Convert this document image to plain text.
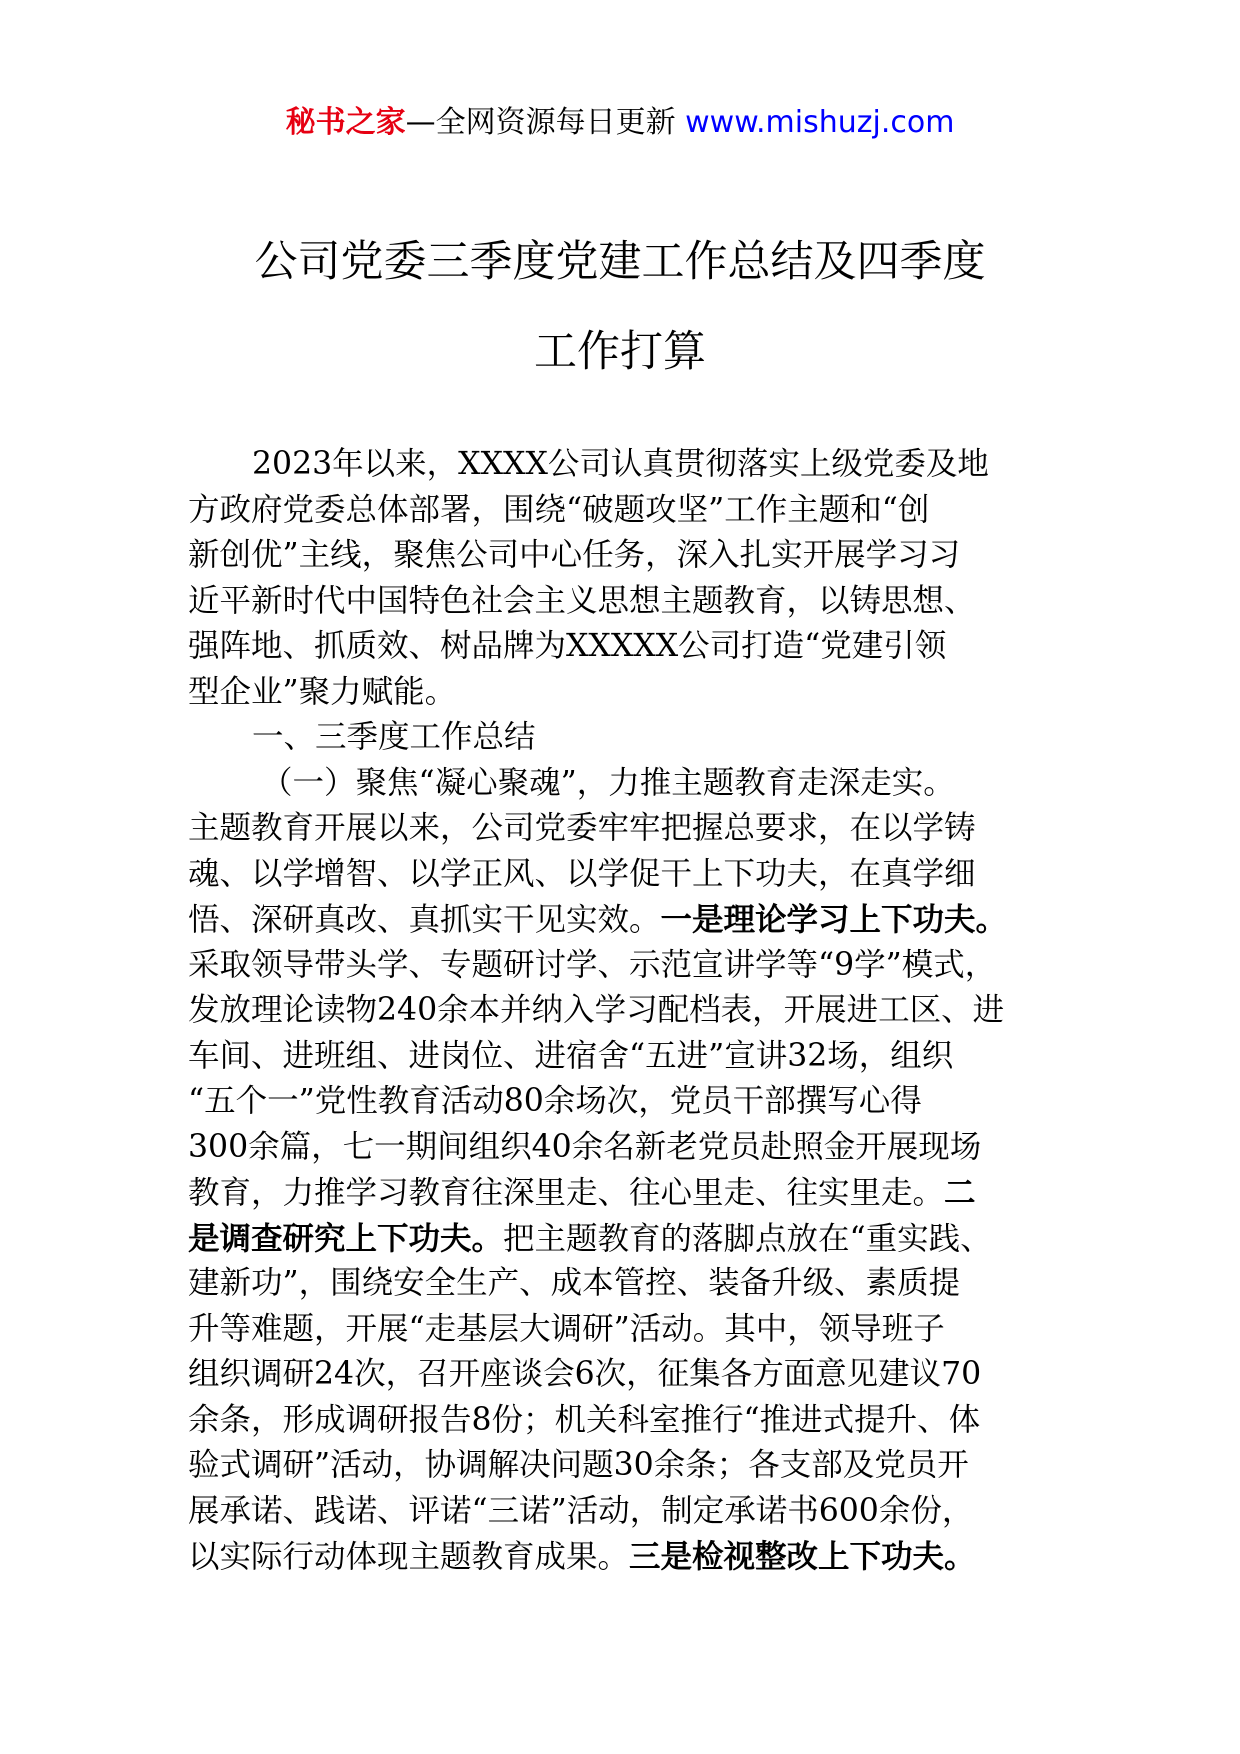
秘书之家—全网资源每日更新 www.mishuzj.com
公司党委三季度党建工作总结及四季度
工作打算
2023年以来，XXXX公司认真贯彻落实上级党委及地
方政府党委总体部署，围绕“破题攻坚”工作主题和“创
新创优”主线，聚焦公司中心任务，深入扎实开展学习习
近平新时代中国特色社会主义思想主题教育，以铸思想、
强阵地、抓质效、树品牌为XXXXX公司打造“党建引领
型企业”聚力赋能。
一、三季度工作总结
（一）聚焦“凝心聚魂”，力推主题教育走深走实。
主题教育开展以来，公司党委牢牢把握总要求，在以学铸
魂、以学增智、以学正风、以学促干上下功夫，在真学细
悟、深研真改、真抓实干见实效。一是理论学习上下功夫。
采取领导带头学、专题研讨学、示范宣讲学等“9学”模式，
发放理论读物240余本并纳入学习配档表，开展进工区、进
车间、进班组、进岗位、进宿舍“五进”宣讲32场，组织
“五个一”党性教育活动80余场次，党员干部撰写心得
300余篇，七一期间组织40余名新老党员赴照金开展现场
教育，力推学习教育往深里走、往心里走、往实里走。二
是调查研究上下功夫。把主题教育的落脚点放在“重实践、
建新功”，围绕安全生产、成本管控、装备升级、素质提
升等难题，开展“走基层大调研”活动。其中，领导班子
组织调研24次，召开座谈会6次，征集各方面意见建议70
余条，形成调研报告8份；机关科室推行“推进式提升、体
验式调研”活动，协调解决问题30余条；各支部及党员开
展承诺、践诺、评诺“三诺”活动，制定承诺书600余份，
以实际行动体现主题教育成果。三是检视整改上下功夫。
